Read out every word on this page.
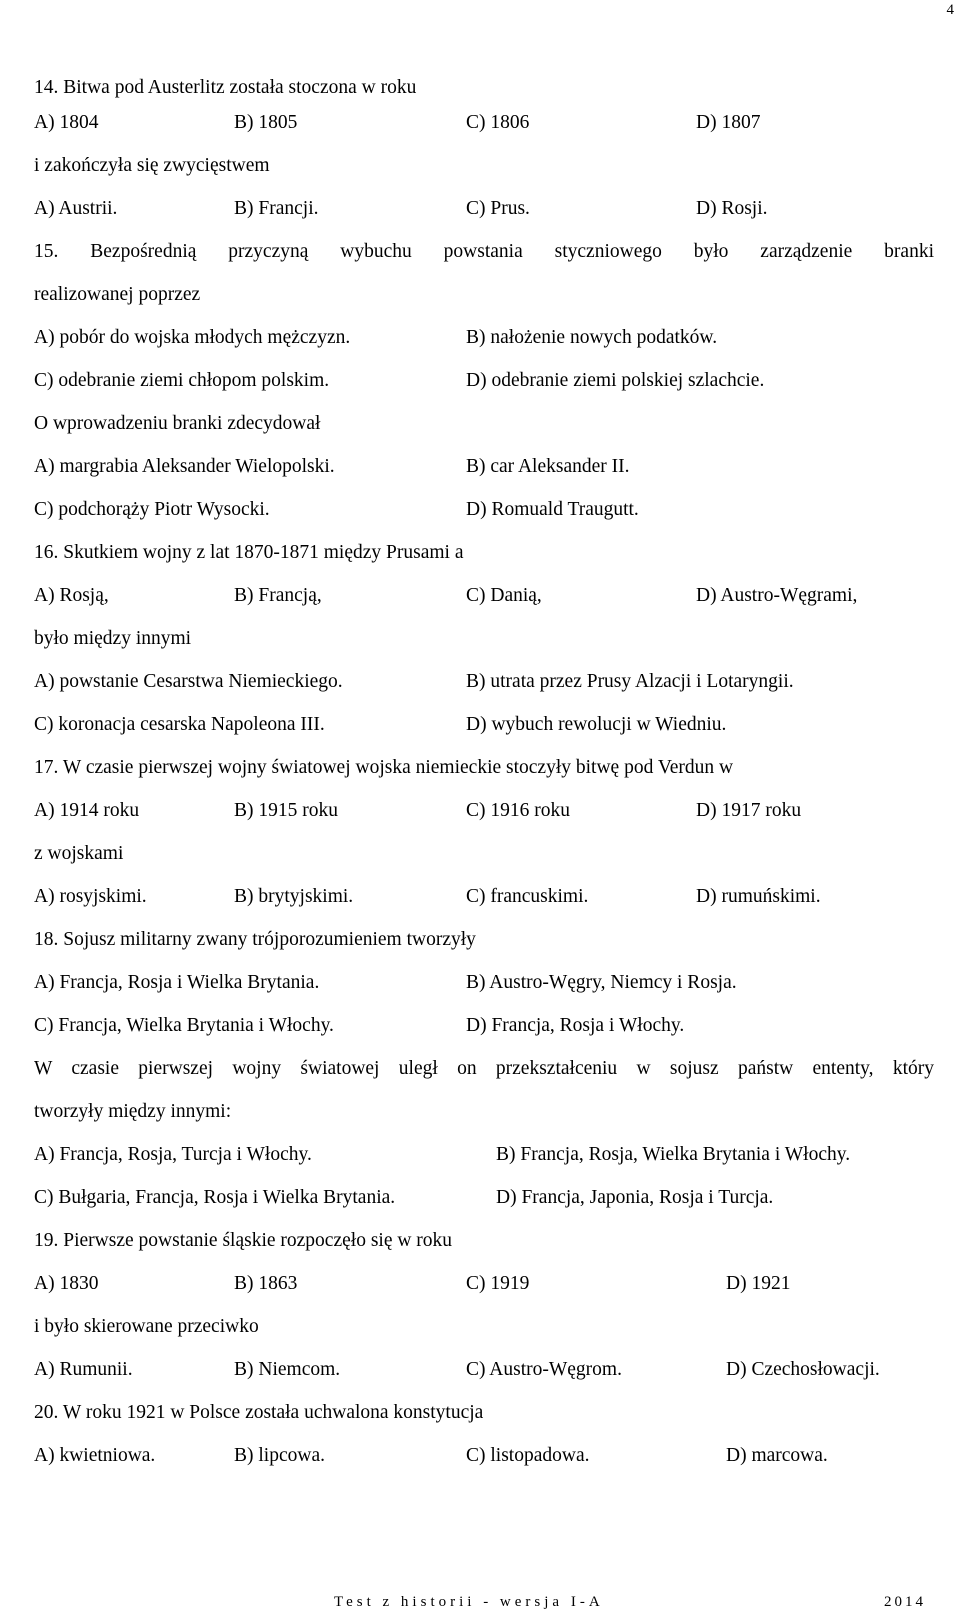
4
14. Bitwa pod Austerlitz została stoczona w roku
A) 1804	B) 1805	C) 1806	D) 1807
i zakończyła się zwycięstwem
A) Austrii.	B) Francji.	C) Prus.	D) Rosji.
15. Bezpośrednią przyczyną wybuchu powstania styczniowego było zarządzenie branki
realizowanej poprzez
A) pobór do wojska młodych mężczyzn.	B) nałożenie nowych podatków.
C) odebranie ziemi chłopom polskim.	D) odebranie ziemi polskiej szlachcie.
O wprowadzeniu branki zdecydował
A) margrabia Aleksander Wielopolski.	B) car Aleksander II.
C) podchorąży Piotr Wysocki.	D) Romuald Traugutt.
16. Skutkiem wojny z lat 1870-1871 między Prusami a
A) Rosją,	B) Francją,	C) Danią,	D) Austro-Węgrami,
było między innymi
A) powstanie Cesarstwa Niemieckiego.	B) utrata przez Prusy Alzacji i Lotaryngii.
C) koronacja cesarska Napoleona III.	D) wybuch rewolucji w Wiedniu.
17. W czasie pierwszej wojny światowej wojska niemieckie stoczyły bitwę pod Verdun w
A) 1914 roku	B) 1915 roku	C) 1916 roku	D) 1917 roku
z wojskami
A) rosyjskimi.	B) brytyjskimi.	C) francuskimi.	D) rumuńskimi.
18. Sojusz militarny zwany trójporozumieniem tworzyły
A) Francja, Rosja i Wielka Brytania.	B) Austro-Węgry, Niemcy i Rosja.
C) Francja, Wielka Brytania i Włochy.	D) Francja, Rosja i Włochy.
W czasie pierwszej wojny światowej uległ on przekształceniu w sojusz państw ententy, który
tworzyły między innymi:
A) Francja, Rosja, Turcja i Włochy.	B) Francja, Rosja, Wielka Brytania i Włochy.
C) Bułgaria, Francja, Rosja i Wielka Brytania.	D) Francja, Japonia, Rosja i Turcja.
19. Pierwsze powstanie śląskie rozpoczęło się w roku
A) 1830	B) 1863	C) 1919	D) 1921
i było skierowane przeciwko
A) Rumunii.	B) Niemcom.	C) Austro-Węgrom.	D) Czechosłowacji.
20. W roku 1921 w Polsce została uchwalona konstytucja
A) kwietniowa.	B) lipcowa.	C) listopadowa.	D) marcowa.
Test z historii - wersja I-A	2014
